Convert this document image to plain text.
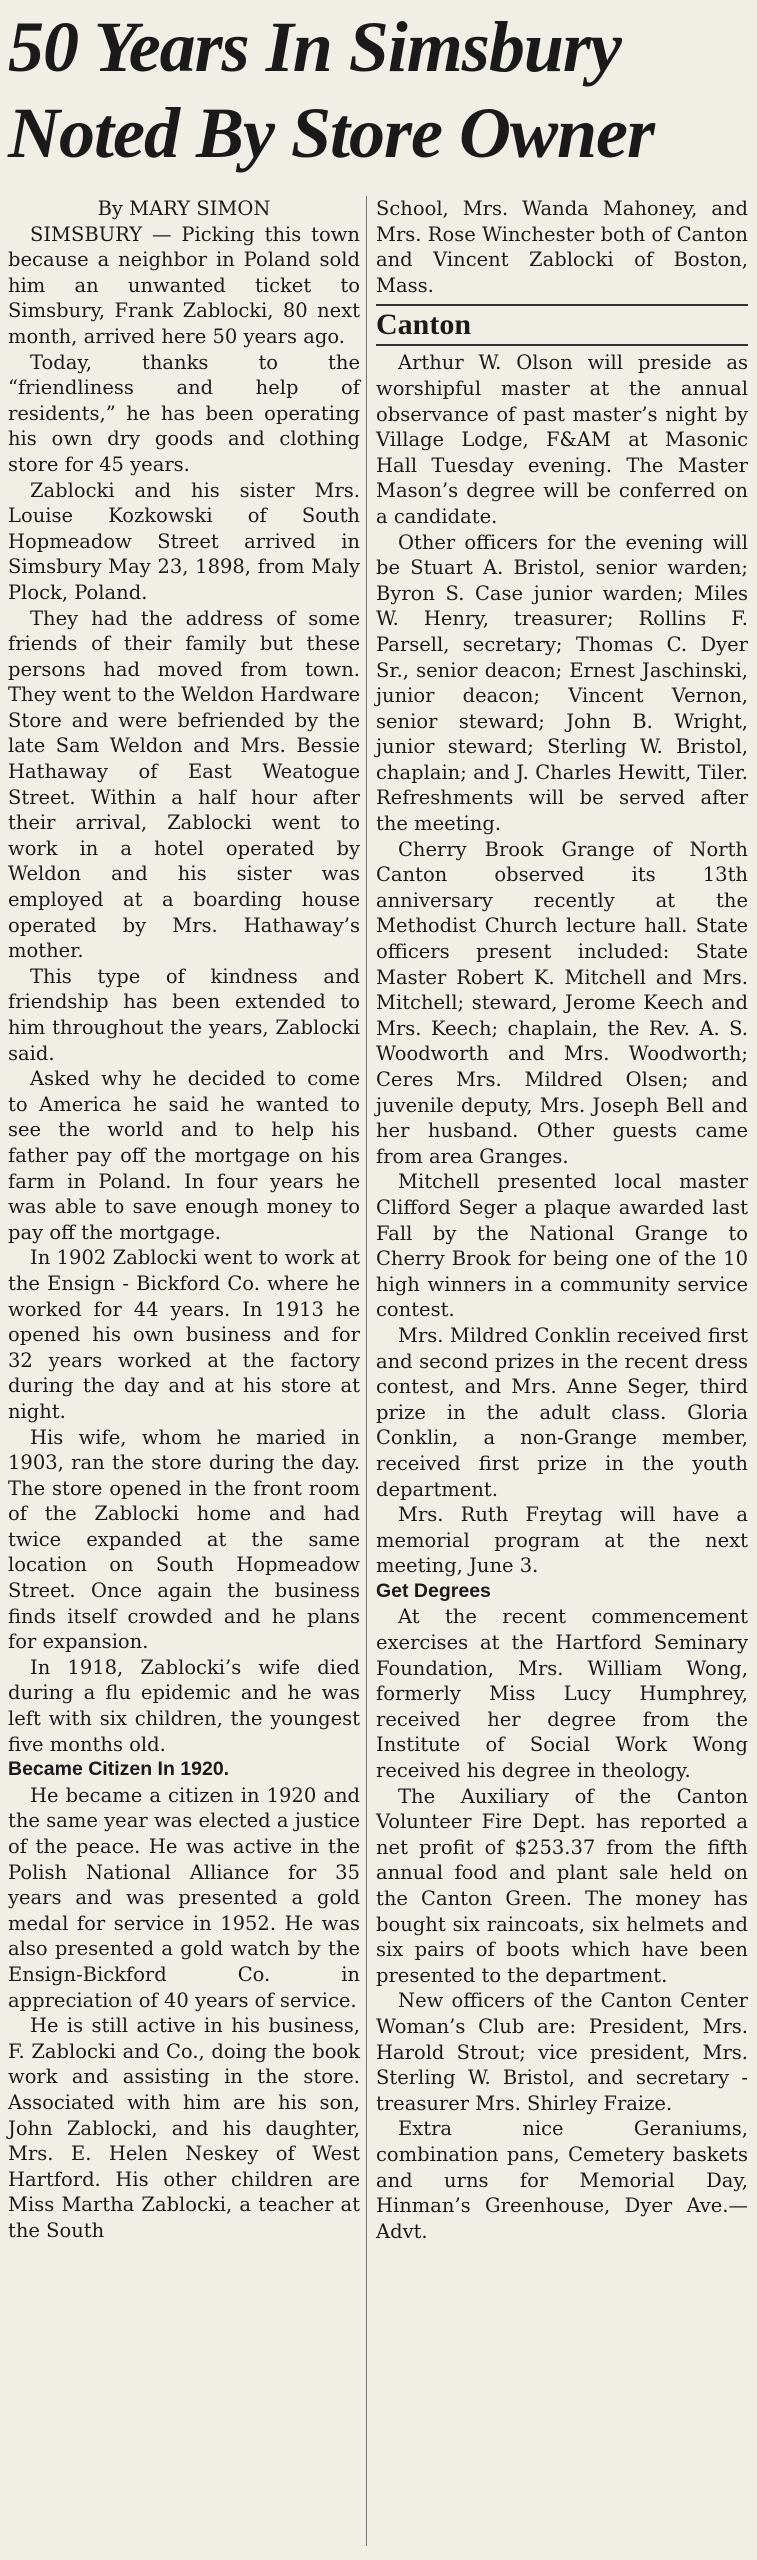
50 Years In Simsbury
Noted By Store Owner

By MARY SIMON

SIMSBURY — Picking this town because a neighbor in Poland sold him an unwanted ticket to Simsbury, Frank Zablocki, 80 next month, arrived here 50 years ago.

Today, thanks to the “friendliness and help of residents,” he has been operating his own dry goods and clothing store for 45 years.

Zablocki and his sister Mrs. Louise Kozkowski of South Hopmeadow Street arrived in Simsbury May 23, 1898, from Maly Plock, Poland.

They had the address of some friends of their family but these persons had moved from town. They went to the Weldon Hardware Store and were befriended by the late Sam Weldon and Mrs. Bessie Hathaway of East Weatogue Street. Within a half hour after their arrival, Zablocki went to work in a hotel operated by Weldon and his sister was employed at a boarding house operated by Mrs. Hathaway’s mother.

This type of kindness and friendship has been extended to him throughout the years, Zablocki said.

Asked why he decided to come to America he said he wanted to see the world and to help his father pay off the mortgage on his farm in Poland. In four years he was able to save enough money to pay off the mortgage.

In 1902 Zablocki went to work at the Ensign - Bickford Co. where he worked for 44 years. In 1913 he opened his own business and for 32 years worked at the factory during the day and at his store at night.

His wife, whom he maried in 1903, ran the store during the day. The store opened in the front room of the Zablocki home and had twice expanded at the same location on South Hopmeadow Street. Once again the business finds itself crowded and he plans for expansion.

In 1918, Zablocki’s wife died during a flu epidemic and he was left with six children, the youngest five months old.

Became Citizen In 1920.

He became a citizen in 1920 and the same year was elected a justice of the peace. He was active in the Polish National Alliance for 35 years and was presented a gold medal for service in 1952. He was also presented a gold watch by the Ensign-Bickford Co. in appreciation of 40 years of service.

He is still active in his business, F. Zablocki and Co., doing the book work and assisting in the store. Associated with him are his son, John Zablocki, and his daughter, Mrs. E. Helen Neskey of West Hartford. His other children are Miss Martha Zablocki, a teacher at the South

School, Mrs. Wanda Mahoney, and Mrs. Rose Winchester both of Canton and Vincent Zablocki of Boston, Mass.

Canton

Arthur W. Olson will preside as worshipful master at the annual observance of past master’s night by Village Lodge, F&AM at Masonic Hall Tuesday evening. The Master Mason’s degree will be conferred on a candidate.

Other officers for the evening will be Stuart A. Bristol, senior warden; Byron S. Case junior warden; Miles W. Henry, treasurer; Rollins F. Parsell, secretary; Thomas C. Dyer Sr., senior deacon; Ernest Jaschinski, junior deacon; Vincent Vernon, senior steward; John B. Wright, junior steward; Sterling W. Bristol, chaplain; and J. Charles Hewitt, Tiler. Refreshments will be served after the meeting.

Cherry Brook Grange of North Canton observed its 13th anniversary recently at the Methodist Church lecture hall. State officers present included: State Master Robert K. Mitchell and Mrs. Mitchell; steward, Jerome Keech and Mrs. Keech; chaplain, the Rev. A. S. Woodworth and Mrs. Woodworth; Ceres Mrs. Mildred Olsen; and juvenile deputy, Mrs. Joseph Bell and her husband. Other guests came from area Granges.

Mitchell presented local master Clifford Seger a plaque awarded last Fall by the National Grange to Cherry Brook for being one of the 10 high winners in a community service contest.

Mrs. Mildred Conklin received first and second prizes in the recent dress contest, and Mrs. Anne Seger, third prize in the adult class. Gloria Conklin, a non-Grange member, received first prize in the youth department.

Mrs. Ruth Freytag will have a memorial program at the next meeting, June 3.

Get Degrees

At the recent commencement exercises at the Hartford Seminary Foundation, Mrs. William Wong, formerly Miss Lucy Humphrey, received her degree from the Institute of Social Work Wong received his degree in theology.

The Auxiliary of the Canton Volunteer Fire Dept. has reported a net profit of $253.37 from the fifth annual food and plant sale held on the Canton Green. The money has bought six raincoats, six helmets and six pairs of boots which have been presented to the department.

New officers of the Canton Center Woman’s Club are: President, Mrs. Harold Strout; vice president, Mrs. Sterling W. Bristol, and secretary - treasurer Mrs. Shirley Fraize.

Extra nice Geraniums, combination pans, Cemetery baskets and urns for Memorial Day, Hinman’s Greenhouse, Dyer Ave.—Advt.
